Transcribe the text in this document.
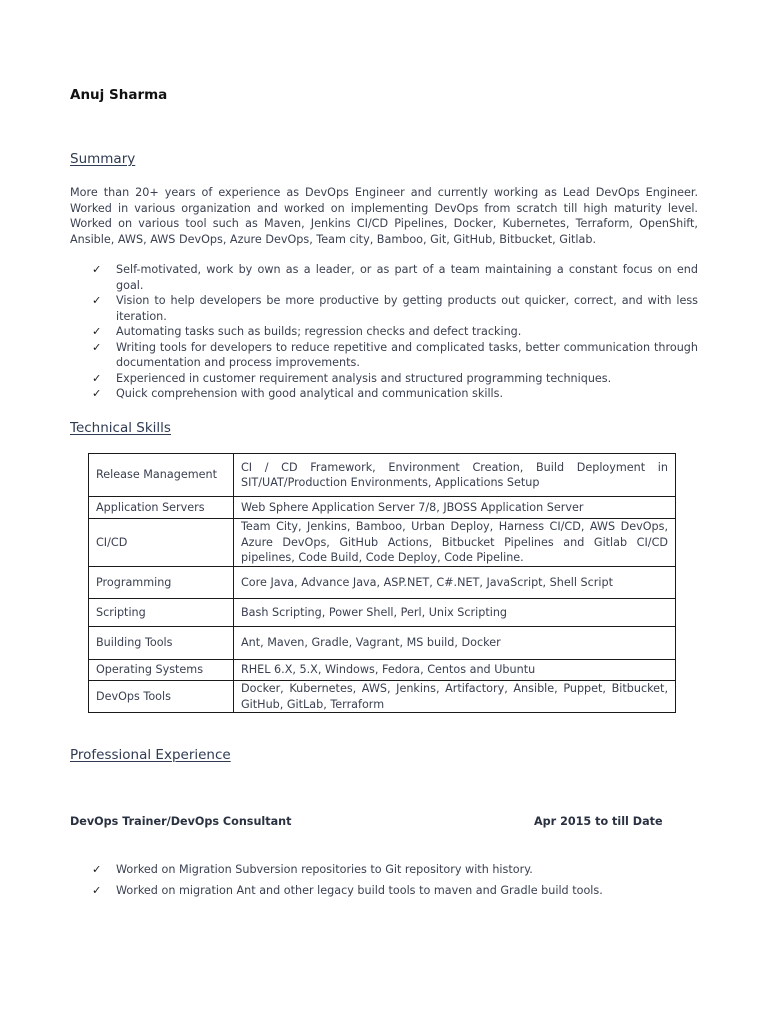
Anuj Sharma
Summary

More than 20+ years of experience as DevOps Engineer and currently working as Lead DevOps Engineer. Worked in various organization and worked on implementing DevOps from scratch till high maturity level. Worked on various tool such as Maven, Jenkins CI/CD Pipelines, Docker, Kubernetes, Terraform, OpenShift, Ansible, AWS, AWS DevOps, Azure DevOps, Team city, Bamboo, Git, GitHub, Bitbucket, Gitlab.

✓ Self-motivated, work by own as a leader, or as part of a team maintaining a constant focus on end goal.
✓ Vision to help developers be more productive by getting products out quicker, correct, and with less iteration.
✓ Automating tasks such as builds; regression checks and defect tracking.
✓ Writing tools for developers to reduce repetitive and complicated tasks, better communication through documentation and process improvements.
✓ Experienced in customer requirement analysis and structured programming techniques.
✓ Quick comprehension with good analytical and communication skills.
Technical Skills
Release Management	CI / CD Framework, Environment Creation, Build Deployment in SIT/UAT/Production Environments, Applications Setup
Application Servers	Web Sphere Application Server 7/8, JBOSS Application Server
CI/CD	Team City, Jenkins, Bamboo, Urban Deploy, Harness CI/CD, AWS DevOps, Azure DevOps, GitHub Actions, Bitbucket Pipelines and Gitlab CI/CD pipelines, Code Build, Code Deploy, Code Pipeline.
Programming	Core Java, Advance Java, ASP.NET, C#.NET, JavaScript, Shell Script
Scripting	Bash Scripting, Power Shell, Perl, Unix Scripting
Building Tools	Ant, Maven, Gradle, Vagrant, MS build, Docker
Operating Systems	RHEL 6.X, 5.X, Windows, Fedora, Centos and Ubuntu
DevOps Tools	Docker, Kubernetes, AWS, Jenkins, Artifactory, Ansible, Puppet, Bitbucket, GitHub, GitLab, Terraform
Professional Experience

DevOps Trainer/DevOps Consultant	Apr 2015 to till Date

✓ Worked on Migration Subversion repositories to Git repository with history.
✓ Worked on migration Ant and other legacy build tools to maven and Gradle build tools.
